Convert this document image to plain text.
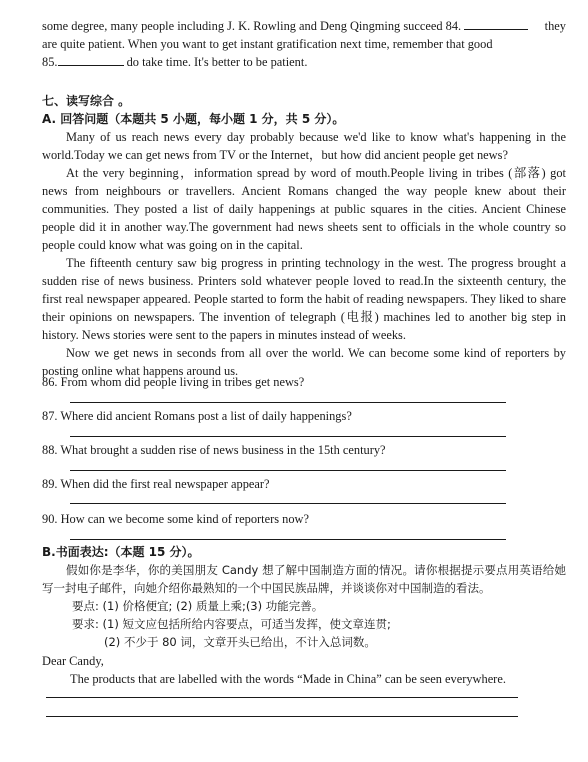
some degree, many people including J. K. Rowling and Deng Qingming succeed 84.	they

are quite patient. When you want to get instant gratification next time, remember that good

85.	do take time. It's better to be patient.

七、读写综合 。
A. 回答问题（本题共 5 小题，每小题 1 分，共 5 分）。

Many of us reach news every day probably because we'd like to know what's happening in the world.Today we can get news from TV or the Internet，but how did ancient people get news?

At the very beginning，information spread by word of mouth.People living in tribes (部落) got news from neighbours or travellers. Ancient Romans changed the way people knew about their communities. They posted a list of daily happenings at public squares in the cities. Ancient Chinese people did it in another way.The government had news sheets sent to officials in the whole country so people could know what was going on in the capital.

The fifteenth century saw big progress in printing technology in the west. The progress brought a sudden rise of news business. Printers sold whatever people loved to read.In the sixteenth century, the first real newspaper appeared. People started to form the habit of reading newspapers. They liked to share their opinions on newspapers. The invention of telegraph (电报) machines led to another big step in history. News stories were sent to the papers in minutes instead of weeks.

Now we get news in seconds from all over the world. We can become some kind of reporters by posting online what happens around us.

86. From whom did people living in tribes get news?

87. Where did ancient Romans post a list of daily happenings?

88. What brought a sudden rise of news business in the 15th century?

89. When did the first real newspaper appear?

90. How can we become some kind of reporters now?

B.书面表达:（本题 15 分）。

假如你是李华，你的美国朋友 Candy 想了解中国制造方面的情况。请你根据提示要点用英语给她写一封电子邮件，向她介绍你最熟知的一个中国民族品牌，并谈谈你对中国制造的看法。

要点: (1) 价格便宜; (2) 质量上乘;(3) 功能完善。
要求: (1) 短文应包括所给内容要点，可适当发挥，使文章连贯;
(2) 不少于 80 词，文章开头已给出，不计入总词数。
Dear Candy,
The products that are labelled with the words “Made in China” can be seen everywhere.
